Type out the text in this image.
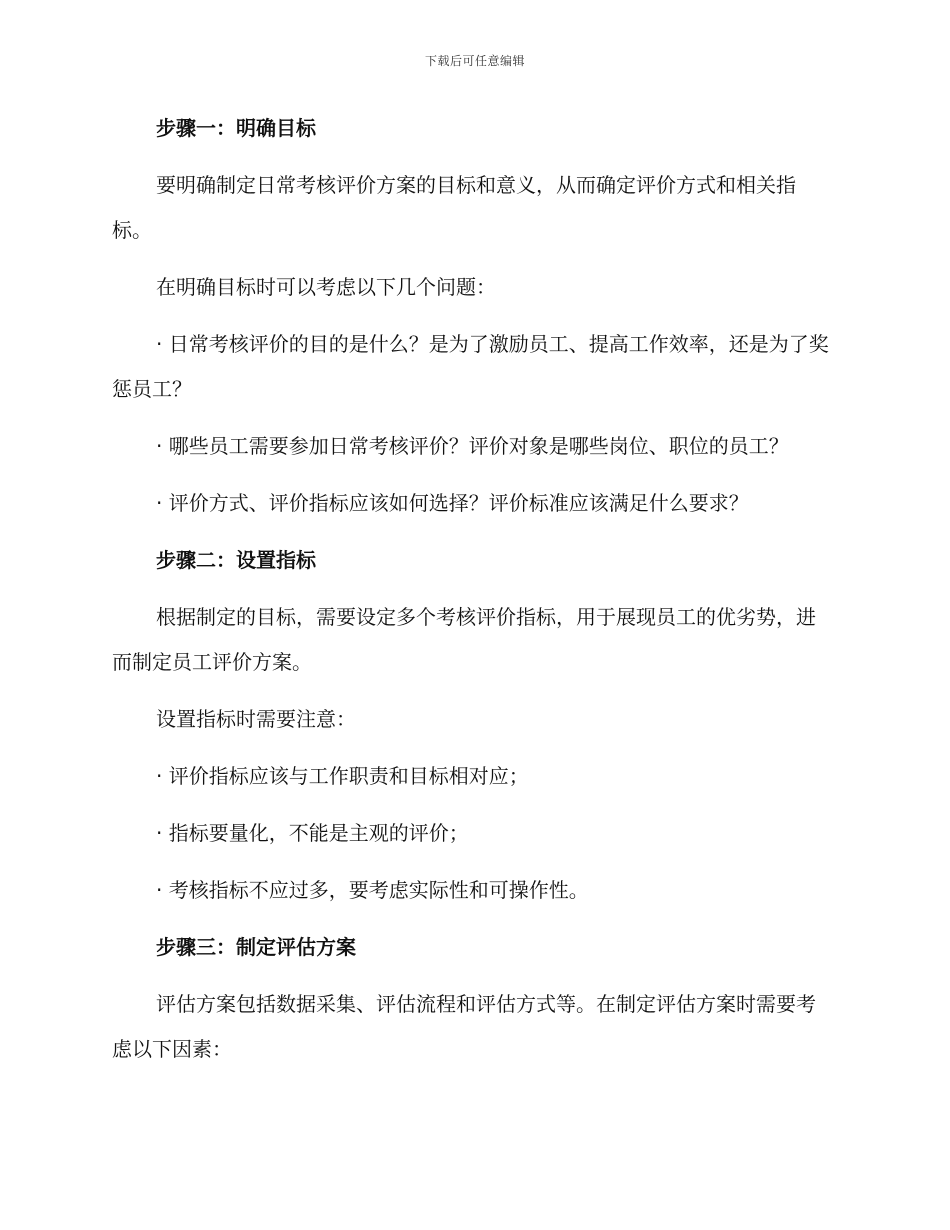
下载后可任意编辑

步骤一：明确目标

要明确制定日常考核评价方案的目标和意义，从而确定评价方式和相关指标。

在明确目标时可以考虑以下几个问题：

· 日常考核评价的目的是什么？是为了激励员工、提高工作效率，还是为了奖惩员工？

· 哪些员工需要参加日常考核评价？评价对象是哪些岗位、职位的员工？

· 评价方式、评价指标应该如何选择？评价标准应该满足什么要求？

步骤二：设置指标

根据制定的目标，需要设定多个考核评价指标，用于展现员工的优劣势，进而制定员工评价方案。

设置指标时需要注意：

· 评价指标应该与工作职责和目标相对应；

· 指标要量化，不能是主观的评价；

· 考核指标不应过多，要考虑实际性和可操作性。

步骤三：制定评估方案

评估方案包括数据采集、评估流程和评估方式等。在制定评估方案时需要考虑以下因素：
